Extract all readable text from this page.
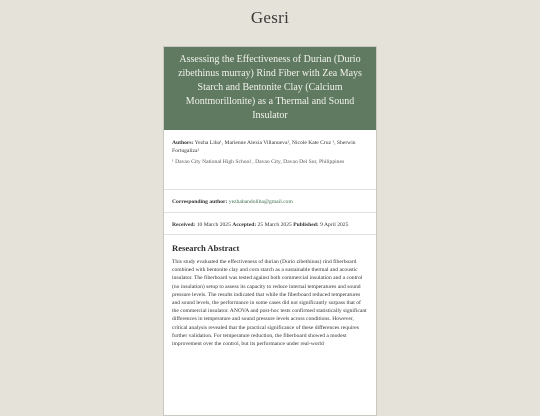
Gesri
Assessing the Effectiveness of Durian (Durio zibethinus murray) Rind Fiber with Zea Mays Starch and Bentonite Clay (Calcium Montmorillonite) as a Thermal and Sound Insulator
Authors: Yezha Liba¹, Marienne Alexia Villanueva¹, Nicole Kate Cruz ¹, Sherwin Fortugaliza¹
¹ Davao City National High School , Davao City, Davao Del Sur, Philippines
Corresponding author: yezhabandoliba@gmail.com
Received: 10 March 2025 Accepted: 25 March 2025 Published: 9 April 2025
Research Abstract

This study evaluated the effectiveness of durian (Durio zibethinus) rind fiberboard combined with bentonite clay and corn starch as a sustainable thermal and acoustic insulator. The fiberboard was tested against both commercial insulation and a control (no insulation) setup to assess its capacity to reduce internal temperatures and sound pressure levels. The results indicated that while the fiberboard reduced temperatures and sound levels, the performance in some cases did not significantly surpass that of the commercial insulator. ANOVA and post-hoc tests confirmed statistically significant differences in temperature and sound pressure levels across conditions. However, critical analysis revealed that the practical significance of these differences requires further validation. For temperature reduction, the fiberboard showed a modest improvement over the control, but its performance under real-world
